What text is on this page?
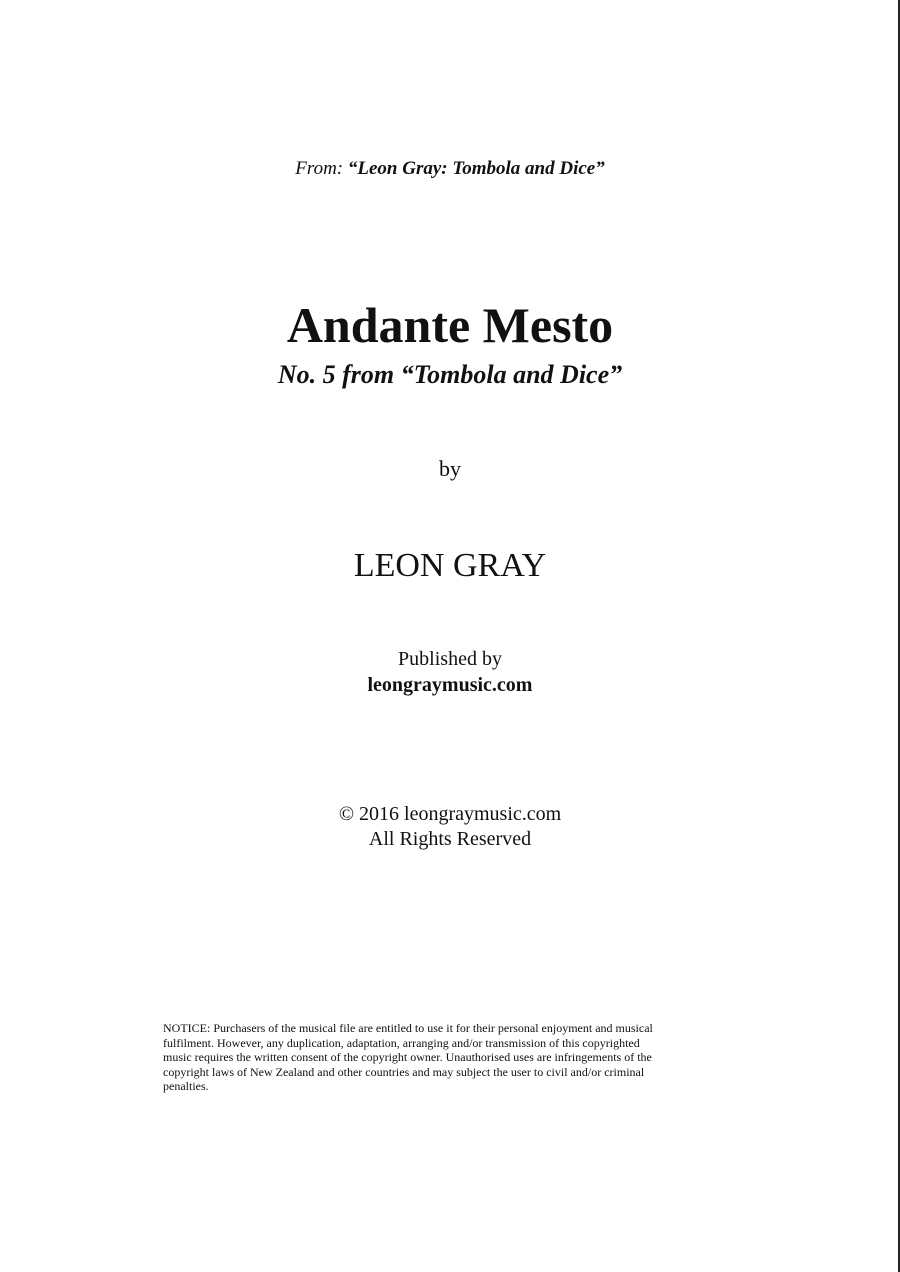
From: “Leon Gray: Tombola and Dice”
Andante Mesto
No. 5 from “Tombola and Dice”
by
LEON GRAY
Published by
leongraymusic.com
© 2016 leongraymusic.com
All Rights Reserved
NOTICE: Purchasers of the musical file are entitled to use it for their personal enjoyment and musical
fulfilment. However, any duplication, adaptation, arranging and/or transmission of this copyrighted
music requires the written consent of the copyright owner. Unauthorised uses are infringements of the
copyright laws of New Zealand and other countries and may subject the user to civil and/or criminal
penalties.
